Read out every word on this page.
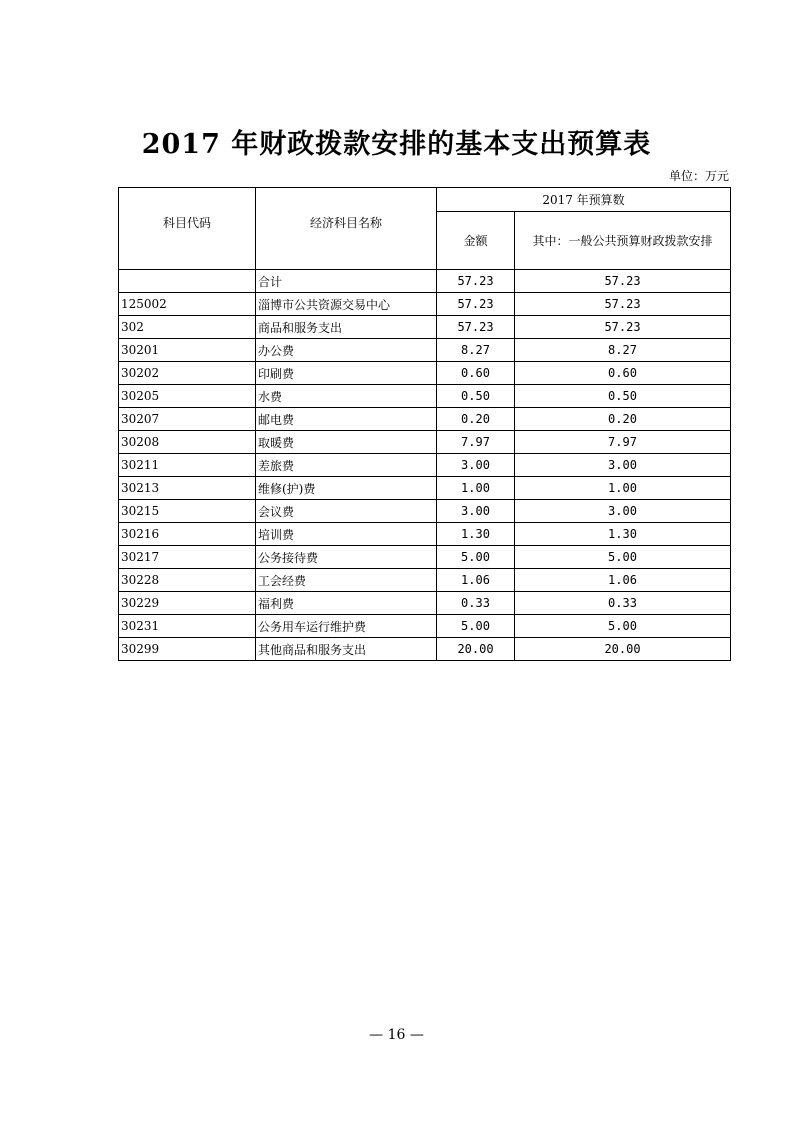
2017 年财政拨款安排的基本支出预算表
单位：万元
科目代码	经济科目名称	2017 年预算数	
		金额	其中：一般公共预算财政拨款安排
	合计	57.23	57.23
125002	淄博市公共资源交易中心	57.23	57.23
302	商品和服务支出	57.23	57.23
30201	办公费	8.27	8.27
30202	印刷费	0.60	0.60
30205	水费	0.50	0.50
30207	邮电费	0.20	0.20
30208	取暖费	7.97	7.97
30211	差旅费	3.00	3.00
30213	维修(护)费	1.00	1.00
30215	会议费	3.00	3.00
30216	培训费	1.30	1.30
30217	公务接待费	5.00	5.00
30228	工会经费	1.06	1.06
30229	福利费	0.33	0.33
30231	公务用车运行维护费	5.00	5.00
30299	其他商品和服务支出	20.00	20.00
— 16 —
